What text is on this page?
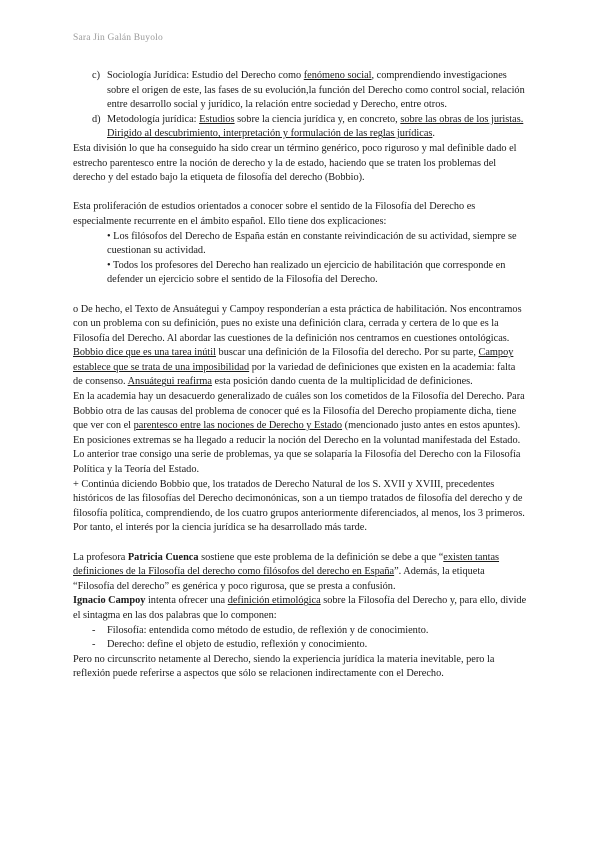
Sara Jin Galán Buyolo
c) Sociología Jurídica: Estudio del Derecho como fenómeno social, comprendiendo investigaciones sobre el origen de este, las fases de su evolución,la función del Derecho como control social, relación entre desarrollo social y jurídico, la relación entre sociedad y Derecho, entre otros.

d) Metodología jurídica: Estudios sobre la ciencia jurídica y, en concreto, sobre las obras de los juristas. Dirigido al descubrimiento, interpretación y formulación de las reglas jurídicas.

Esta división lo que ha conseguido ha sido crear un término genérico, poco riguroso y mal definible dado el estrecho parentesco entre la noción de derecho y la de estado, haciendo que se traten los problemas del derecho y del estado bajo la etiqueta de filosofía del derecho (Bobbio).

Esta proliferación de estudios orientados a conocer sobre el sentido de la Filosofía del Derecho es especialmente recurrente en el ámbito español. Ello tiene dos explicaciones:

• Los filósofos del Derecho de España están en constante reivindicación de su actividad, siempre se cuestionan su actividad.

• Todos los profesores del Derecho han realizado un ejercicio de habilitación que corresponde en defender un ejercicio sobre el sentido de la Filosofía del Derecho.

o De hecho, el Texto de Ansuátegui y Campoy responderían a esta práctica de habilitación. Nos encontramos con un problema con su definición, pues no existe una definición clara, cerrada y certera de lo que es la Filosofía del Derecho. Al abordar las cuestiones de la definición nos centramos en cuestiones ontológicas.

Bobbio dice que es una tarea inútil buscar una definición de la Filosofía del derecho. Por su parte, Campoy establece que se trata de una imposibilidad por la variedad de definiciones que existen en la academia: falta de consenso. Ansuátegui reafirma esta posición dando cuenta de la multiplicidad de definiciones.

En la academia hay un desacuerdo generalizado de cuáles son los cometidos de la Filosofía del Derecho. Para Bobbio otra de las causas del problema de conocer qué es la Filosofía del Derecho propiamente dicha, tiene que ver con el parentesco entre las nociones de Derecho y Estado (mencionado justo antes en estos apuntes).

En posiciones extremas se ha llegado a reducir la noción del Derecho en la voluntad manifestada del Estado. Lo anterior trae consigo una serie de problemas, ya que se solaparía la Filosofía del Derecho con la Filosofía Política y la Teoría del Estado.

+ Continúa diciendo Bobbio que, los tratados de Derecho Natural de los S. XVII y XVIII, precedentes históricos de las filosofías del Derecho decimonónicas, son a un tiempo tratados de filosofía del derecho y de filosofía política, comprendiendo, de los cuatro grupos anteriormente diferenciados, al menos, los 3 primeros. Por tanto, el interés por la ciencia jurídica se ha desarrollado más tarde.

La profesora Patricia Cuenca sostiene que este problema de la definición se debe a que “existen tantas definiciones de la Filosofía del derecho como filósofos del derecho en España”. Además, la etiqueta “Filosofía del derecho” es genérica y poco rigurosa, que se presta a confusión.

Ignacio Campoy intenta ofrecer una definición etimológica sobre la Filosofía del Derecho y, para ello, divide el sintagma en las dos palabras que lo componen:

-	Filosofía: entendida como método de estudio, de reflexión y de conocimiento.

-	Derecho: define el objeto de estudio, reflexión y conocimiento.

Pero no circunscrito netamente al Derecho, siendo la experiencia jurídica la materia inevitable, pero la reflexión puede referirse a aspectos que sólo se relacionen indirectamente con el Derecho.
